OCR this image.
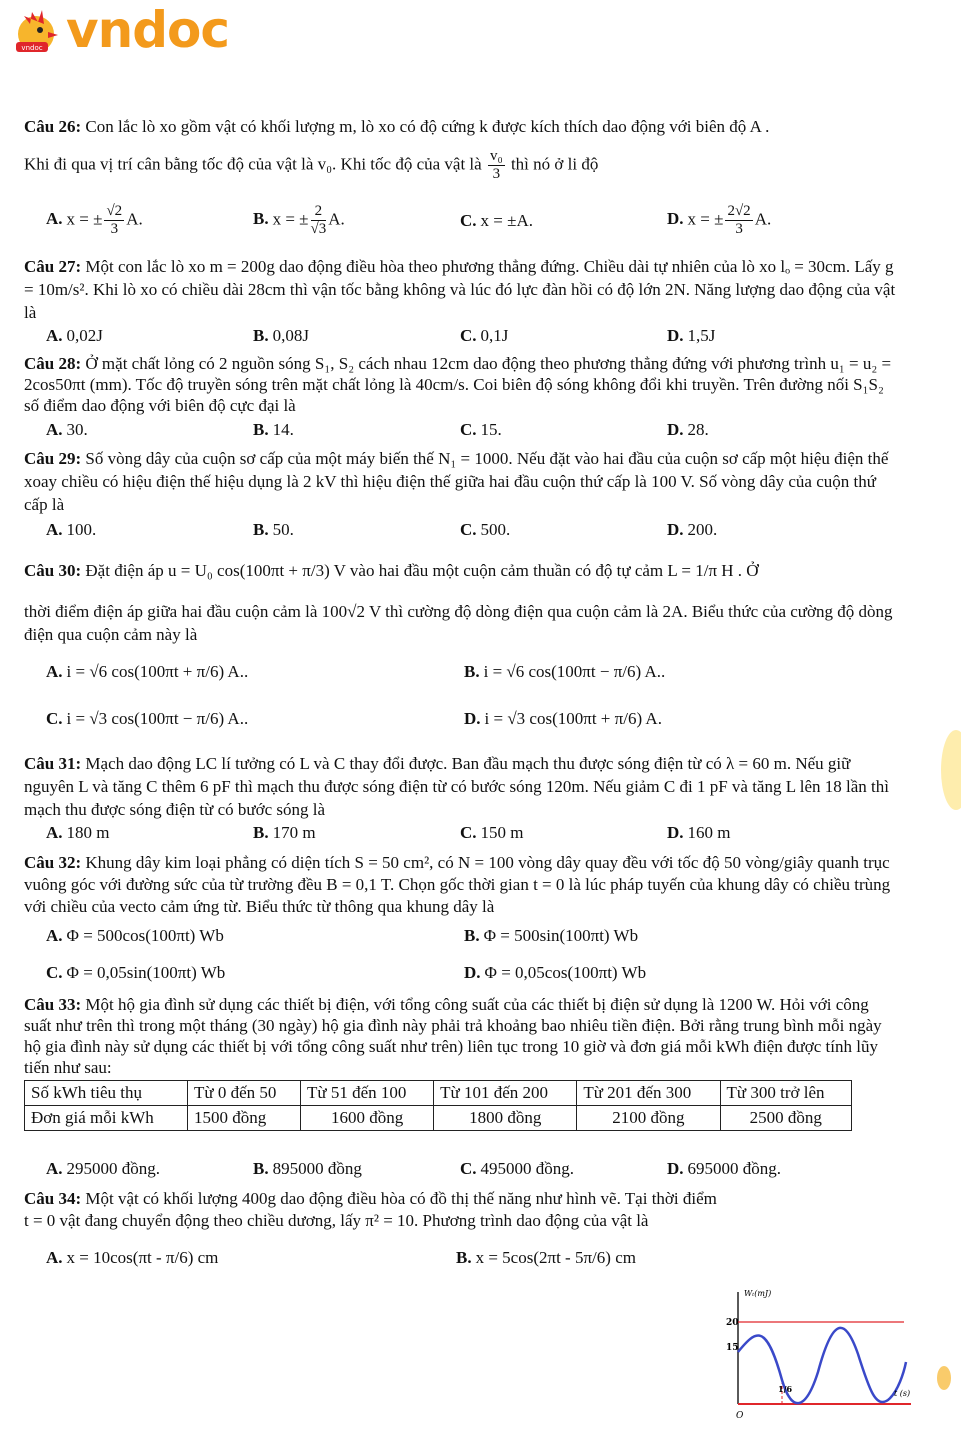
vndoc vndoc

Câu 26: Con lắc lò xo gồm vật có khối lượng m, lò xo có độ cứng k được kích thích dao động với biên độ A .

Khi đi qua vị trí cân bằng tốc độ của vật là v₀. Khi tốc độ của vật là $\frac{\text{v₀}}{3}$ thì nó ở li độ

A. x = ± $\frac{√2}{3} A$.	B. x = ± $\frac{2}{√3} A$.	C. x = ±A.	D. x = ± $\frac{2√2}{3} A$.

Câu 27: Một con lắc lò xo m = 200g dao động điều hòa theo phương thẳng đứng. Chiều dài tự nhiên của lò xo lₒ = 30cm. Lấy g = 10m/s². Khi lò xo có chiều dài 28cm thì vận tốc bằng không và lúc đó lực đàn hồi có độ lớn 2N. Năng lượng dao động của vật là

A. 0,02J	B. 0,08J	C. 0,1J	D. 1,5J

Câu 28: Ở mặt chất lỏng có 2 nguồn sóng S₁, S₂ cách nhau 12cm dao động theo phương thẳng đứng với phương trình u₁ = u₂ = 2cos50πt (mm). Tốc độ truyền sóng trên mặt chất lỏng là 40cm/s. Coi biên độ sóng không đổi khi truyền. Trên đường nối S₁S₂ số điểm dao động với biên độ cực đại là

A. 30.	B. 14.	C. 15.	D. 28.

Câu 29: Số vòng dây của cuộn sơ cấp của một máy biến thế N₁ = 1000. Nếu đặt vào hai đầu của cuộn sơ cấp một hiệu điện thế xoay chiều có hiệu điện thế hiệu dụng là 2 kV thì hiệu điện thế giữa hai đầu cuộn thứ cấp là 100 V. Số vòng dây của cuộn thứ cấp là

A. 100.	B. 50.	C. 500.	D. 200.

Câu 30: Đặt điện áp u = U₀ cos(100πt + π/3) V vào hai đầu một cuộn cảm thuần có độ tự cảm L = 1/π H . Ở

thời điểm điện áp giữa hai đầu cuộn cảm là 100√2 V thì cường độ dòng điện qua cuộn cảm là 2A. Biểu thức của cường độ dòng điện qua cuộn cảm này là

A. i = √6 cos(100πt + π/6) A..	B. i = √6 cos(100πt − π/6) A..
C. i = √3 cos(100πt − π/6) A..	D. i = √3 cos(100πt + π/6) A.

Câu 31: Mạch dao động LC lí tưởng có L và C thay đổi được. Ban đầu mạch thu được sóng điện từ có λ = 60 m. Nếu giữ nguyên L và tăng C thêm 6 pF thì mạch thu được sóng điện từ có bước sóng 120m. Nếu giảm C đi 1 pF và tăng L lên 18 lần thì mạch thu được sóng điện từ có bước sóng là

A. 180 m	B. 170 m	C. 150 m	D. 160 m

Câu 32: Khung dây kim loại phẳng có diện tích S = 50 cm², có N = 100 vòng dây quay đều với tốc độ 50 vòng/giây quanh trục vuông góc với đường sức của từ trường đều B = 0,1 T. Chọn gốc thời gian t = 0 là lúc pháp tuyến của khung dây có chiều trùng với chiều của vecto cảm ứng từ. Biểu thức từ thông qua khung dây là

A. Φ = 500cos(100πt) Wb	B. Φ = 500sin(100πt) Wb
C. Φ = 0,05sin(100πt) Wb	D. Φ = 0,05cos(100πt) Wb

Câu 33: Một hộ gia đình sử dụng các thiết bị điện, với tổng công suất của các thiết bị điện sử dụng là 1200 W. Hỏi với công suất như trên thì trong một tháng (30 ngày) hộ gia đình này phải trả khoảng bao nhiêu tiền điện. Bởi rằng trung bình mỗi ngày hộ gia đình này sử dụng các thiết bị với tổng công suất như trên) liên tục trong 10 giờ và đơn giá mỗi kWh điện được tính lũy tiến như sau:

Số kWh tiêu thụ	Từ 0 đến 50	Từ 51 đến 100	Từ 101 đến 200	Từ 201 đến 300	Từ 300 trở lên
Đơn giá mỗi kWh	1500 đồng	1600 đồng	1800 đồng	2100 đồng	2500 đồng
A. 295000 đồng.	B. 895000 đồng	C. 495000 đồng.	D. 695000 đồng.

Câu 34: Một vật có khối lượng 400g dao động điều hòa có đồ thị thế năng như hình vẽ. Tại thời điểm t = 0 vật đang chuyển động theo chiều dương, lấy π² = 10. Phương trình dao động của vật là

A. x = 10cos(πt - π/6) cm	B. x = 5cos(2πt - 5π/6) cm
Wₜ(mJ)
20
15
1/6	t (s)
O
